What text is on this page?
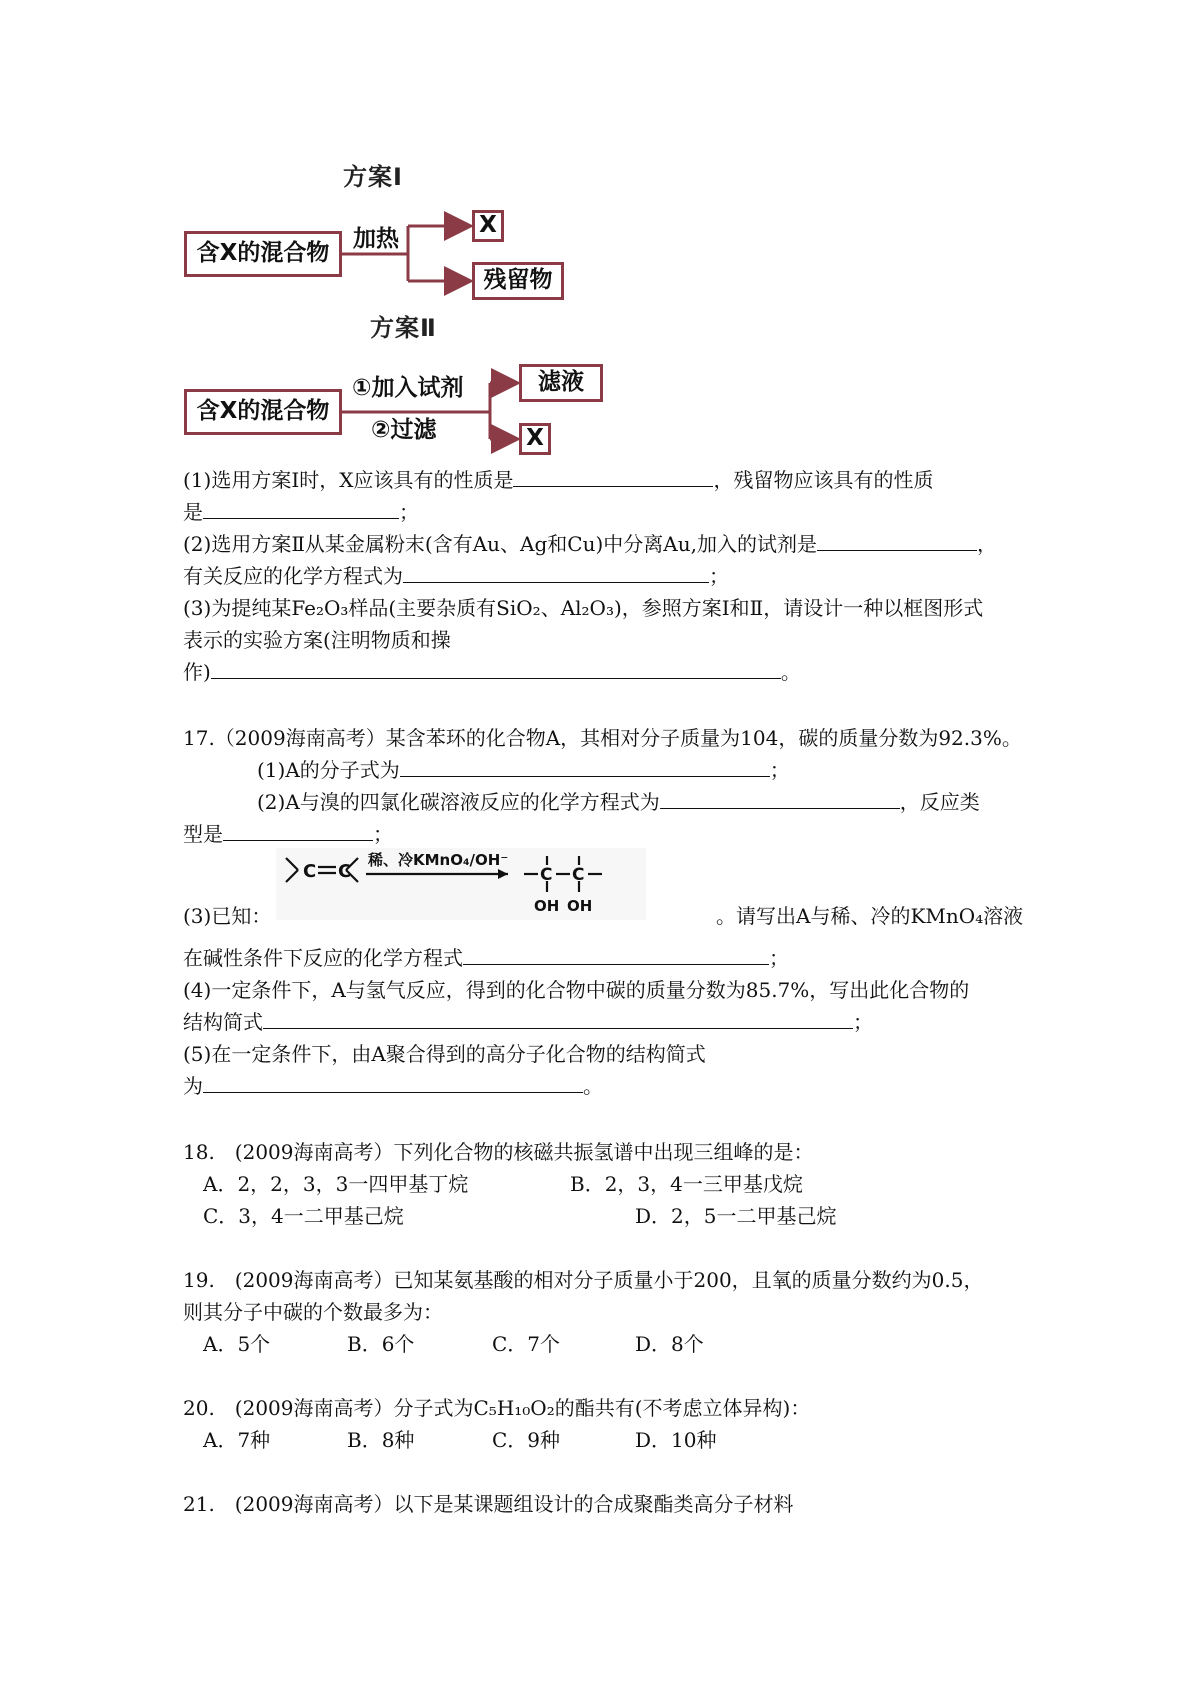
方案Ⅰ
含X的混合物
加热
X
残留物
方案Ⅱ
含X的混合物
①加入试剂
②过滤
滤液
X
(1)选用方案Ⅰ时，X应该具有的性质是	，残留物应该具有的性质
是	；
(2)选用方案Ⅱ从某金属粉末(含有Au、Ag和Cu)中分离Au,加入的试剂是	，
有关反应的化学方程式为	；
(3)为提纯某Fe₂O₃样品(主要杂质有SiO₂、Al₂O₃)，参照方案Ⅰ和Ⅱ，请设计一种以框图形式
表示的实验方案(注明物质和操
作)	。
17.（2009海南高考）某含苯环的化合物A，其相对分子质量为104，碳的质量分数为92.3%。
(1)A的分子式为	；
(2)A与溴的四氯化碳溶液反应的化学方程式为	，反应类
型是	；
C C
稀、冷KMnO₄/OH⁻
C C
OH OH
(3)已知：	。请写出A与稀、冷的KMnO₄溶液
在碱性条件下反应的化学方程式	；
(4)一定条件下，A与氢气反应，得到的化合物中碳的质量分数为85.7%，写出此化合物的
结构简式	；
(5)在一定条件下，由A聚合得到的高分子化合物的结构简式
为	。
18.　(2009海南高考）下列化合物的核磁共振氢谱中出现三组峰的是：
A．2，2，3，3一四甲基丁烷	B．2，3，4一三甲基戊烷
C．3，4一二甲基己烷	D．2，5一二甲基己烷
19.　(2009海南高考）已知某氨基酸的相对分子质量小于200，且氧的质量分数约为0.5，
则其分子中碳的个数最多为：
A．5个	B．6个	C．7个	D．8个
20.　(2009海南高考）分子式为C₅H₁₀O₂的酯共有(不考虑立体异构)：
A．7种	B．8种	C．9种	D．10种
21.　(2009海南高考）以下是某课题组设计的合成聚酯类高分子材料
